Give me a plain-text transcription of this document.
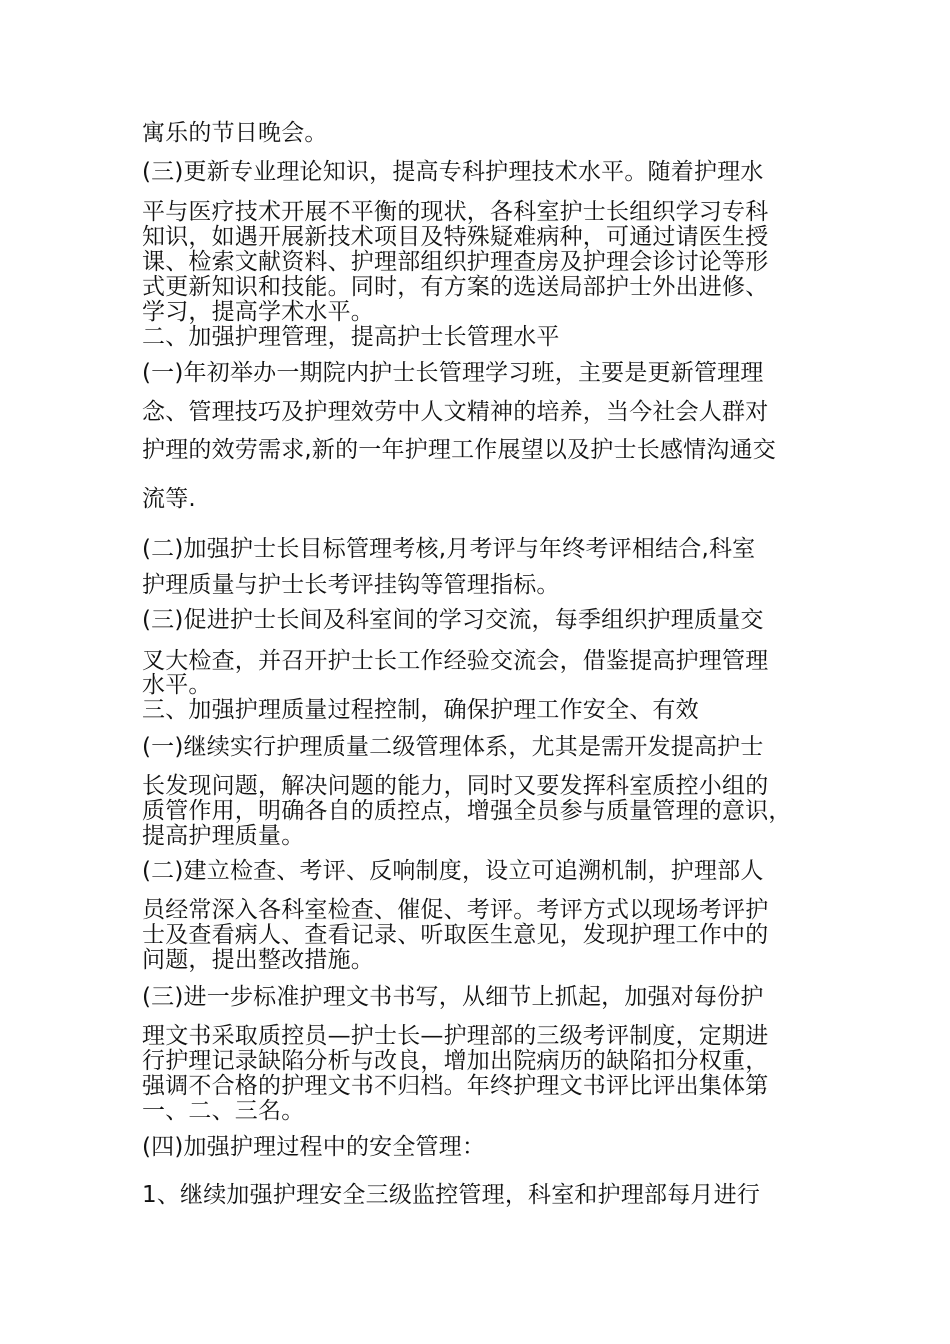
寓乐的节日晚会。

(三)更新专业理论知识，提高专科护理技术水平。随着护理水

平与医疗技术开展不平衡的现状，各科室护士长组织学习专科

知识，如遇开展新技术项目及特殊疑难病种，可通过请医生授

课、检索文献资料、护理部组织护理查房及护理会诊讨论等形

式更新知识和技能。同时，有方案的选送局部护士外出进修、

学习，提高学术水平。

二、加强护理管理，提高护士长管理水平

(一)年初举办一期院内护士长管理学习班，主要是更新管理理

念、管理技巧及护理效劳中人文精神的培养，当今社会人群对

护理的效劳需求,新的一年护理工作展望以及护士长感情沟通交

流等.

(二)加强护士长目标管理考核,月考评与年终考评相结合,科室

护理质量与护士长考评挂钩等管理指标。

(三)促进护士长间及科室间的学习交流，每季组织护理质量交

叉大检查，并召开护士长工作经验交流会，借鉴提高护理管理

水平。

三、加强护理质量过程控制，确保护理工作安全、有效

(一)继续实行护理质量二级管理体系，尤其是需开发提高护士

长发现问题，解决问题的能力，同时又要发挥科室质控小组的

质管作用，明确各自的质控点，增强全员参与质量管理的意识，

提高护理质量。

(二)建立检查、考评、反响制度，设立可追溯机制，护理部人

员经常深入各科室检查、催促、考评。考评方式以现场考评护

士及查看病人、查看记录、听取医生意见，发现护理工作中的

问题，提出整改措施。

(三)进一步标准护理文书书写，从细节上抓起，加强对每份护

理文书采取质控员—护士长—护理部的三级考评制度，定期进

行护理记录缺陷分析与改良，增加出院病历的缺陷扣分权重，

强调不合格的护理文书不归档。年终护理文书评比评出集体第

一、二、三名。

(四)加强护理过程中的安全管理：

1、继续加强护理安全三级监控管理，科室和护理部每月进行
